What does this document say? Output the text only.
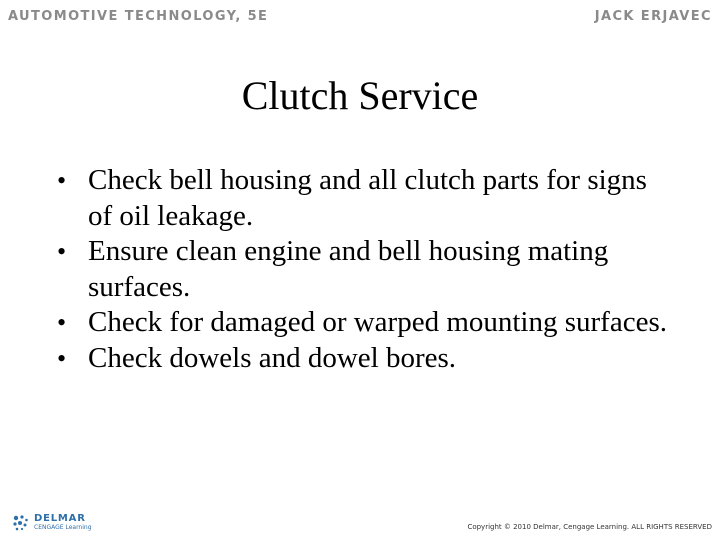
AUTOMOTIVE TECHNOLOGY, 5E	JACK ERJAVEC
Clutch Service
• Check bell housing and all clutch parts for signs of oil leakage.
• Ensure clean engine and bell housing mating surfaces.
• Check for damaged or warped mounting surfaces.
• Check dowels and dowel bores.
DELMAR
CENGAGE Learning	Copyright © 2010 Delmar, Cengage Learning. ALL RIGHTS RESERVED
